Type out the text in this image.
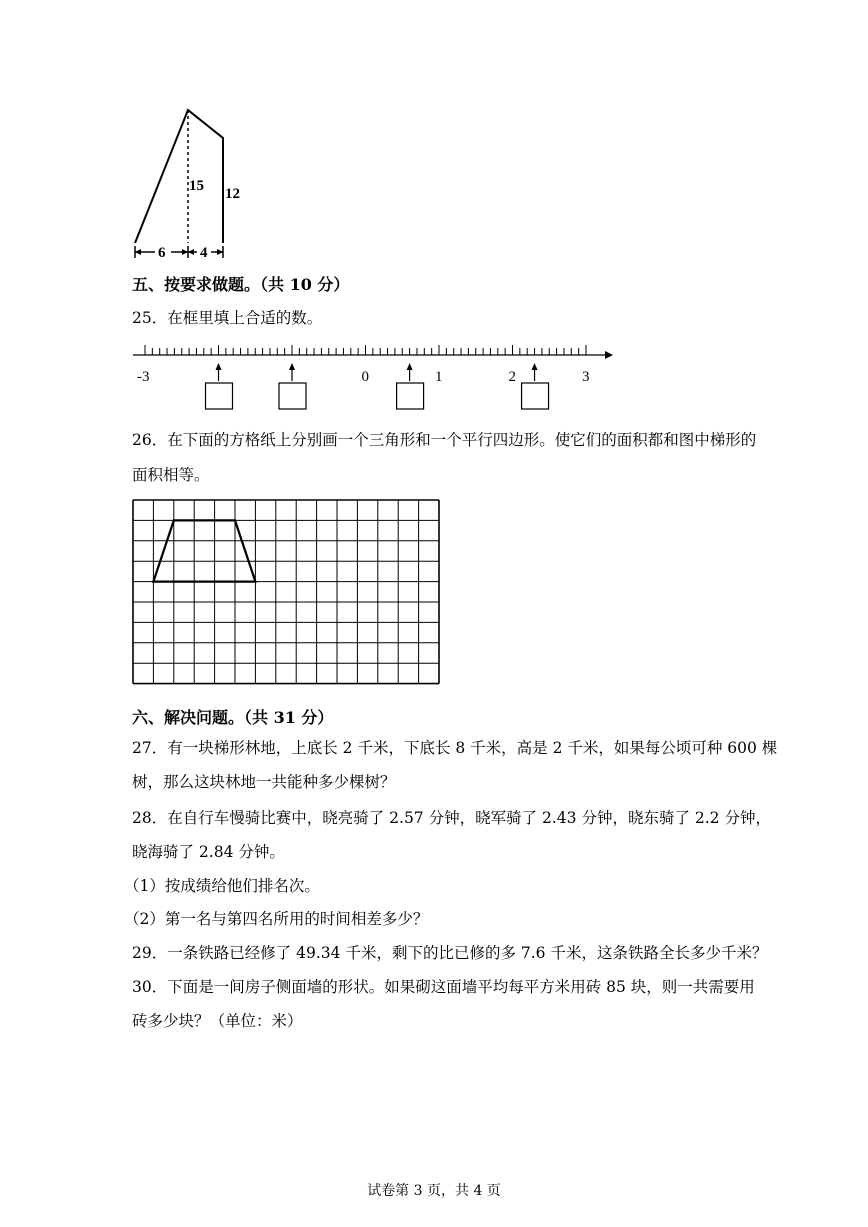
15 12
6 4
五、按要求做题。（共 10 分）
25．在框里填上合适的数。
-3	0	1	2	3
26．在下面的方格纸上分别画一个三角形和一个平行四边形。使它们的面积都和图中梯形的
面积相等。
六、解决问题。（共 31 分）
27．有一块梯形林地，上底长 2 千米，下底长 8 千米，高是 2 千米，如果每公顷可种 600 棵
树，那么这块林地一共能种多少棵树？
28．在自行车慢骑比赛中，晓亮骑了 2.57 分钟，晓军骑了 2.43 分钟，晓东骑了 2.2 分钟，
晓海骑了 2.84 分钟。
（1）按成绩给他们排名次。
（2）第一名与第四名所用的时间相差多少？
29．一条铁路已经修了 49.34 千米，剩下的比已修的多 7.6 千米，这条铁路全长多少千米？
30．下面是一间房子侧面墙的形状。如果砌这面墙平均每平方米用砖 85 块，则一共需要用
砖多少块？（单位：米）
试卷第 3 页，共 4 页
